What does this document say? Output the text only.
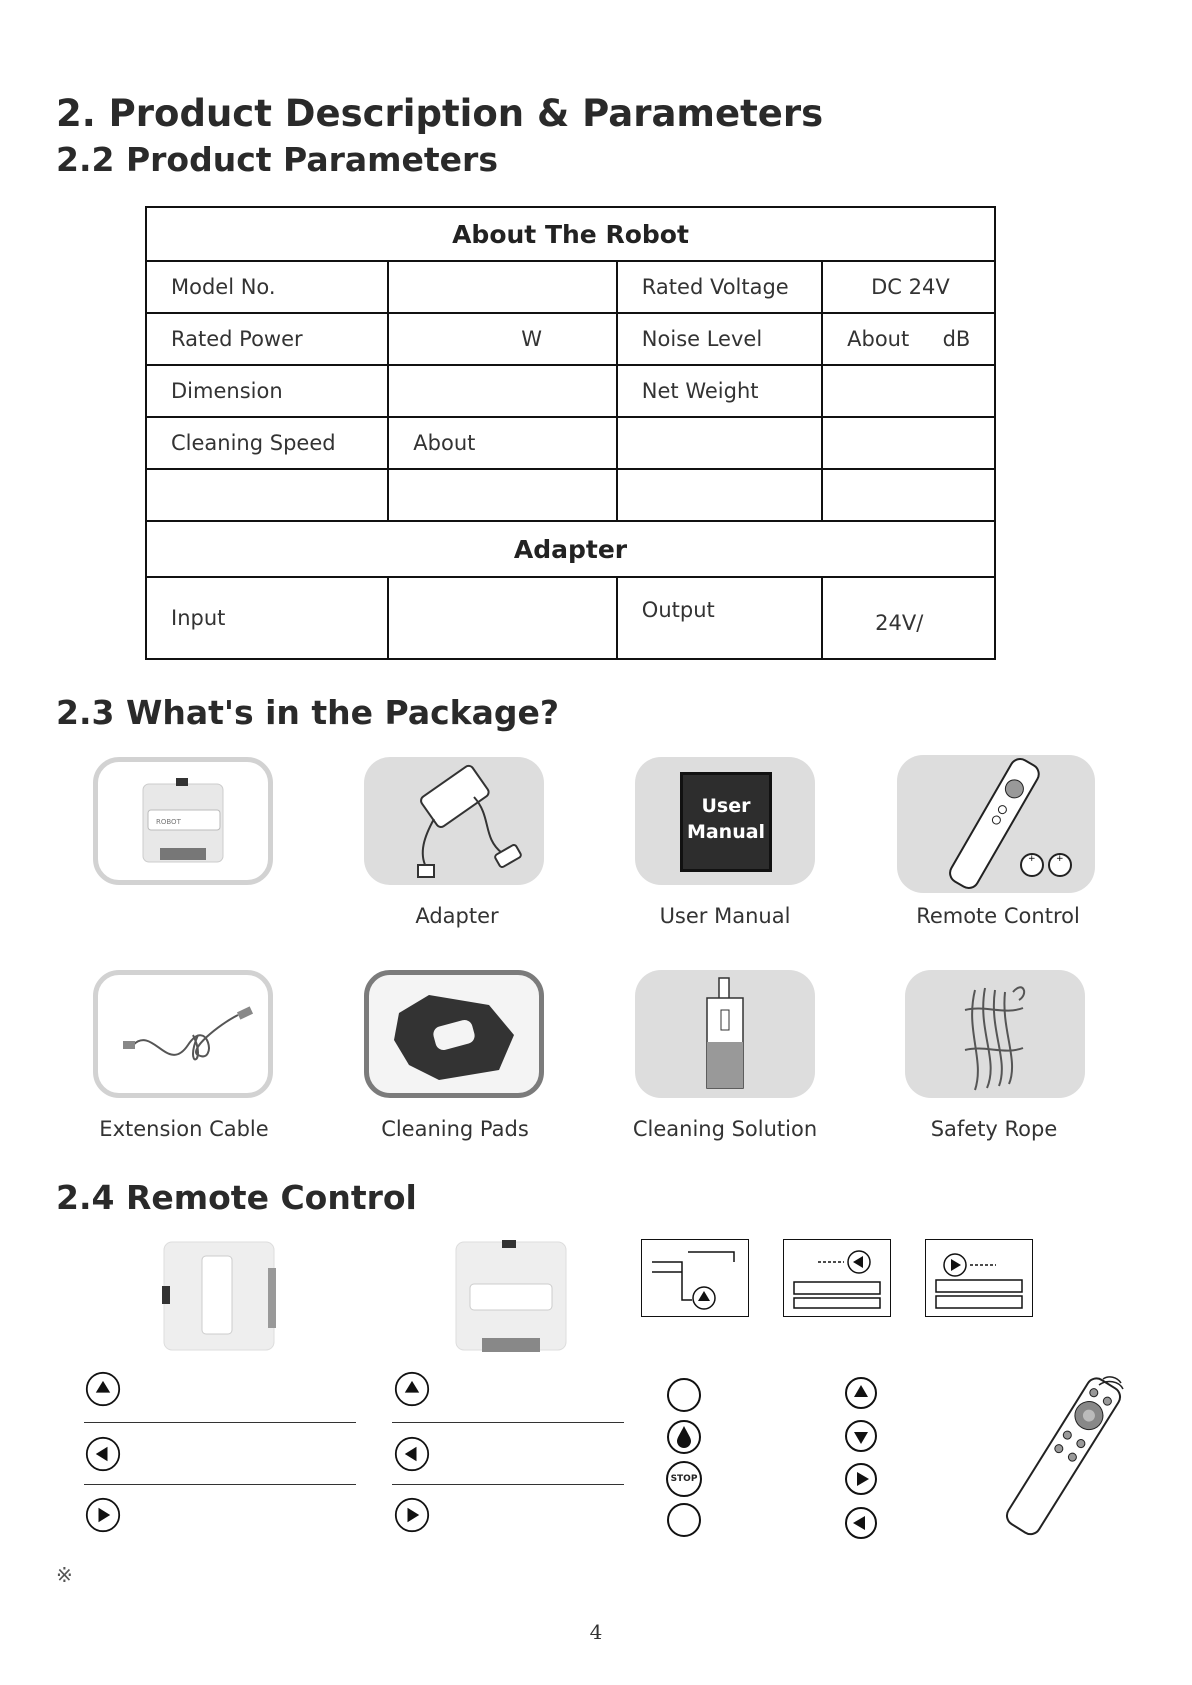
2. Product Description & Parameters
2.2 Product Parameters
About The Robot			
Model No.		Rated Voltage	DC 24V
Rated Power	W	Noise Level	About     dB
Dimension		Net Weight	
Cleaning Speed	About		

Adapter			
Input		Output	24V/
2.3 What's in the Package?
ROBOT
User
Manual
+ +
Adapter	User Manual	Remote Control
Extension Cable	Cleaning Pads	Cleaning Solution	Safety Rope
2.4 Remote Control
STOP
※
4
